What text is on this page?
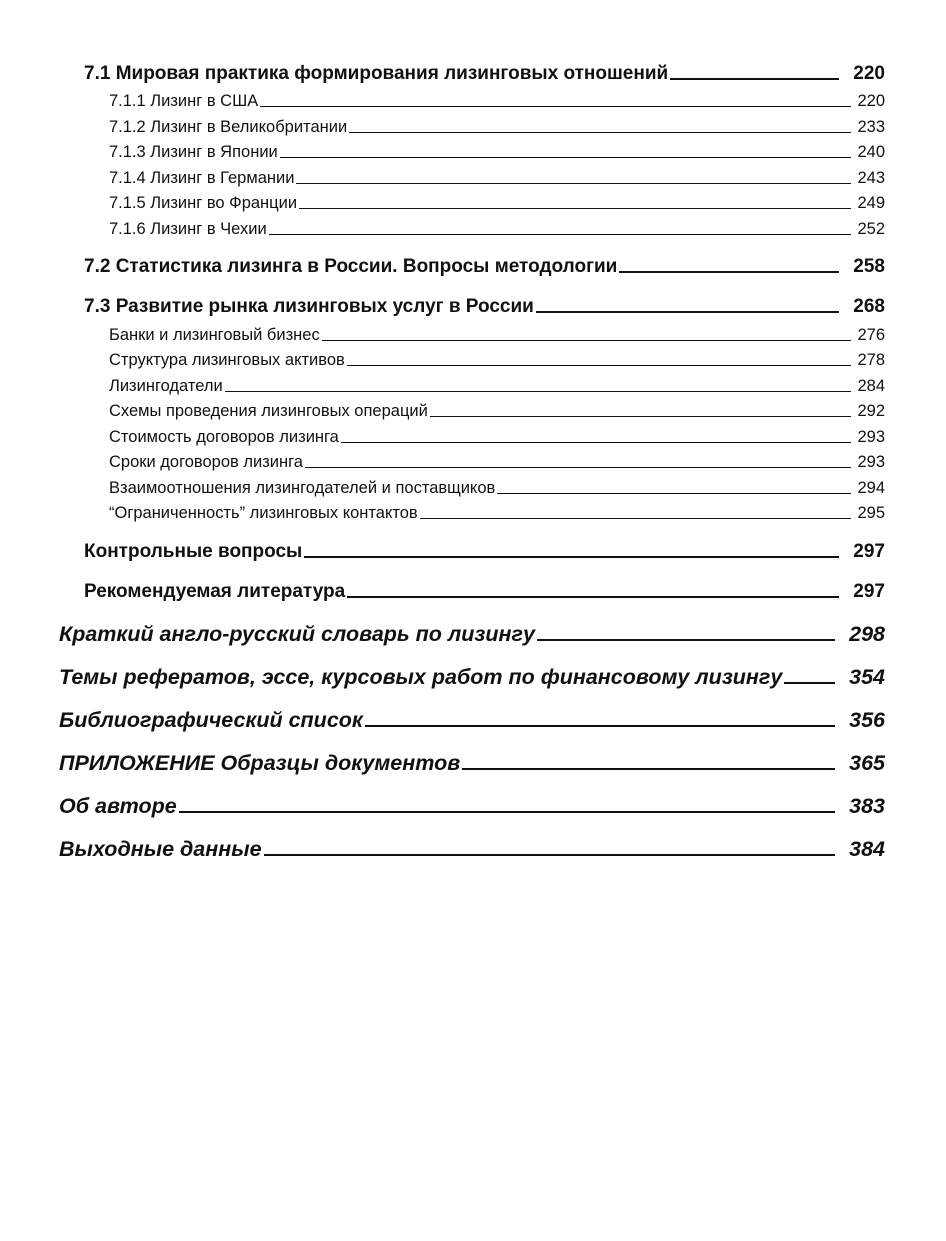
7.1 Мировая практика формирования лизинговых отношений	220
7.1.1 Лизинг в США	220
7.1.2 Лизинг в Великобритании	233
7.1.3 Лизинг в Японии	240
7.1.4 Лизинг в Германии	243
7.1.5 Лизинг во Франции	249
7.1.6 Лизинг в Чехии	252
7.2 Статистика лизинга в России. Вопросы методологии	258
7.3 Развитие рынка лизинговых услуг в России	268
Банки и лизинговый бизнес	276
Структура лизинговых активов	278
Лизингодатели	284
Схемы проведения лизинговых операций	292
Стоимость договоров лизинга	293
Сроки договоров лизинга	293
Взаимоотношения лизингодателей и поставщиков	294
“Ограниченность” лизинговых контактов	295
Контрольные вопросы	297
Рекомендуемая литература	297
Краткий англо-русский словарь по лизингу	298
Темы рефератов, эссе, курсовых работ по финансовому лизингу	354
Библиографический список	356
ПРИЛОЖЕНИЕ Образцы документов	365
Об авторе	383
Выходные данные	384
